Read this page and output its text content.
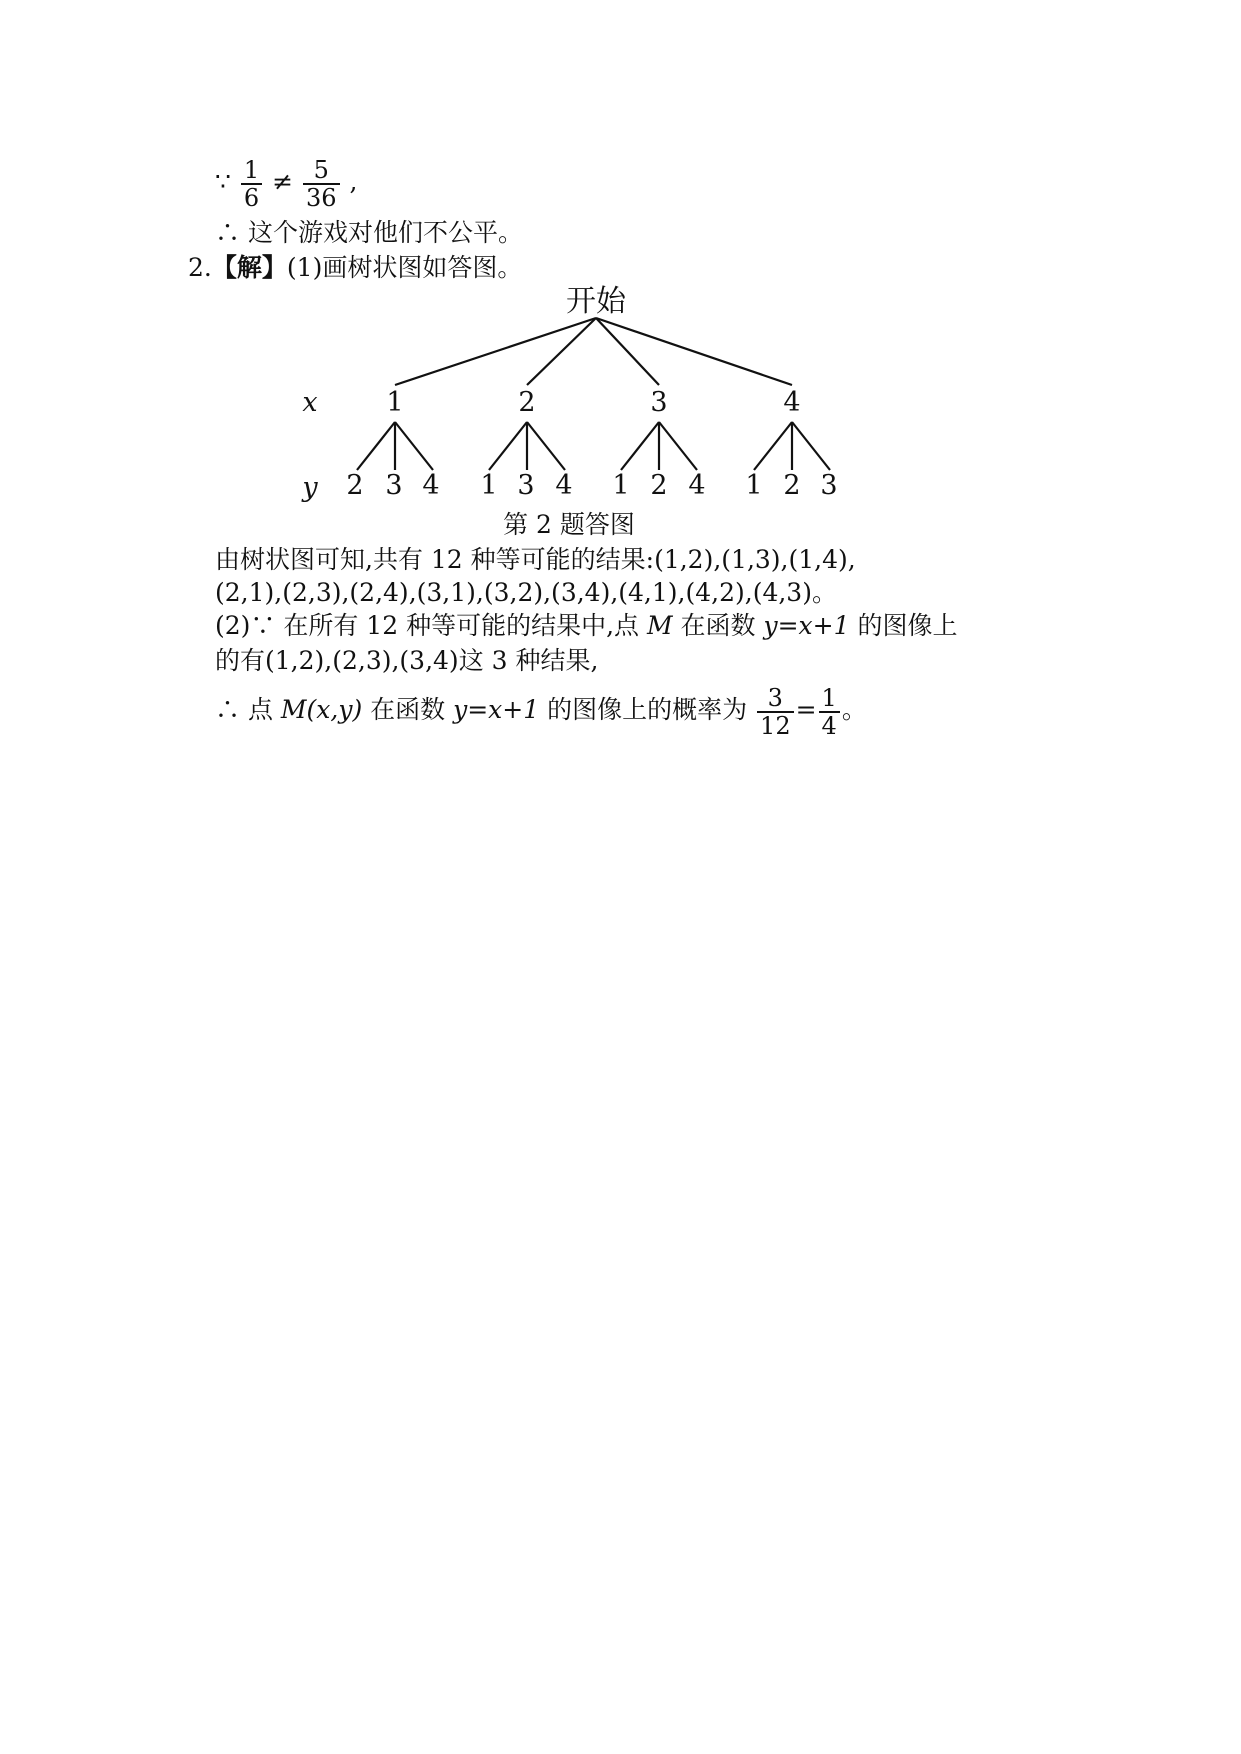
∵ $\frac{1}{6} \ne \frac{5}{36}$ ,
∴ 这个游戏对他们不公平。
2.【解】(1)画树状图如答图。
开始
x
y
1	2	3	4
2 3 4 1 3 4 1 2 4 1 2 3
第 2 题答图
由树状图可知,共有 12 种等可能的结果:(1,2),(1,3),(1,4),
(2,1),(2,3),(2,4),(3,1),(3,2),(3,4),(4,1),(4,2),(4,3)。
(2)∵ 在所有 12 种等可能的结果中,点 M 在函数 y=x+1 的图像上
的有(1,2),(2,3),(3,4)这 3 种结果,
∴ 点 M(x,y) 在函数 y=x+1 的图像上的概率为 $\frac{3}{12} = \frac{1}{4}$ 。
